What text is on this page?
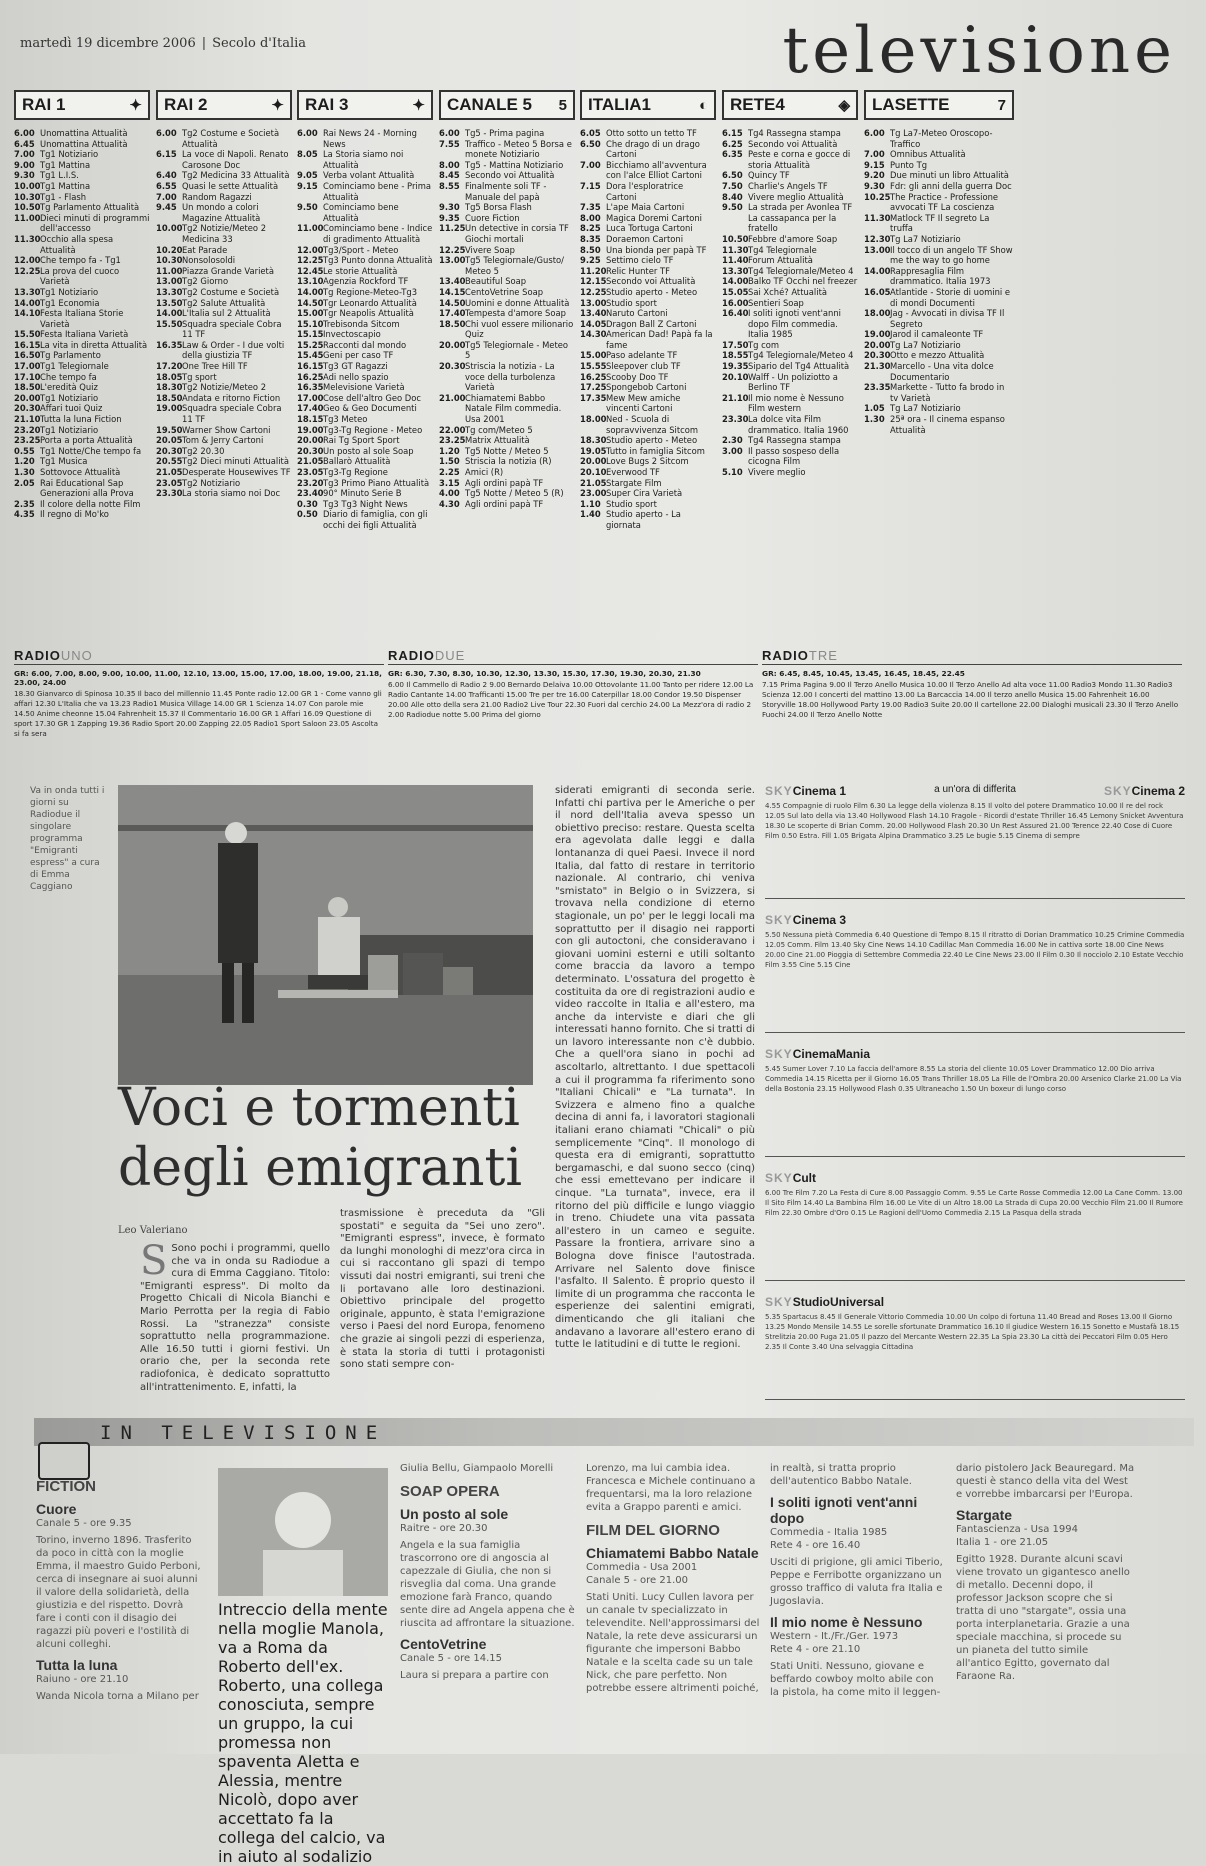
martedì 19 dicembre 2006 | Secolo d'Italia	televisione
RAI 1	✦
6.00 Unomattina Attualità
6.45 Unomattina Attualità
7.00 Tg1 Notiziario
9.00 Tg1 Mattina
9.30 Tg1 L.I.S.
10.00 Tg1 Mattina
10.30 Tg1 - Flash
10.50 Tg Parlamento Attualità
11.00 Dieci minuti di programmi dell'accesso
11.30 Occhio alla spesa Attualità
12.00 Che tempo fa - Tg1
12.25 La prova del cuoco Varietà
13.30 Tg1 Notiziario
14.00 Tg1 Economia
14.10 Festa Italiana Storie Varietà
15.50 Festa Italiana Varietà
16.15 La vita in diretta Attualità
16.50 Tg Parlamento
17.00 Tg1 Telegiornale
17.10 Che tempo fa
18.50 L'eredità Quiz
20.00 Tg1 Notiziario
20.30 Affari tuoi Quiz
21.10 Tutta la luna Fiction
23.20 Tg1 Notiziario
23.25 Porta a porta Attualità
0.55 Tg1 Notte/Che tempo fa
1.20 Tg1 Musica
1.30 Sottovoce Attualità
2.05 Rai Educational Sap Generazioni alla Prova
2.35 Il colore della notte Film
4.35 Il regno di Mo'ko
RAI 2	✦
6.00 Tg2 Costume e Società Attualità
6.15 La voce di Napoli. Renato Carosone Doc
6.40 Tg2 Medicina 33 Attualità
6.55 Quasi le sette Attualità
7.00 Random Ragazzi
9.45 Un mondo a colori Magazine Attualità
10.00 Tg2 Notizie/Meteo 2 Medicina 33
10.20 Eat Parade
10.30 Nonsolosoldi
11.00 Piazza Grande Varietà
13.00 Tg2 Giorno
13.30 Tg2 Costume e Società
13.50 Tg2 Salute Attualità
14.00 L'Italia sul 2 Attualità
15.50 Squadra speciale Cobra 11 TF
16.35 Law & Order - I due volti della giustizia TF
17.20 One Tree Hill TF
18.05 Tg sport
18.30 Tg2 Notizie/Meteo 2
18.50 Andata e ritorno Fiction
19.00 Squadra speciale Cobra 11 TF
19.50 Warner Show Cartoni
20.05 Tom & Jerry Cartoni
20.30 Tg2 20.30
20.55 Tg2 Dieci minuti Attualità
21.05 Desperate Housewives TF
23.05 Tg2 Notiziario
23.30 La storia siamo noi Doc
RAI 3	✦
6.00 Rai News 24 - Morning News
8.05 La Storia siamo noi Attualità
9.05 Verba volant Attualità
9.15 Cominciamo bene - Prima Attualità
9.50 Cominciamo bene Attualità
11.00 Cominciamo bene - Indice di gradimento Attualità
12.00 Tg3/Sport - Meteo
12.25 Tg3 Punto donna Attualità
12.45 Le storie Attualità
13.10 Agenzia Rockford TF
14.00 Tg Regione-Meteo-Tg3
14.50 Tgr Leonardo Attualità
15.00 Tgr Neapolis Attualità
15.10 Trebisonda Sitcom
15.15 Invectoscapio
15.25 Racconti dal mondo
15.45 Geni per caso TF
16.15 Tg3 GT Ragazzi
16.25 Adi nello spazio
16.35 Melevisione Varietà
17.00 Cose dell'altro Geo Doc
17.40 Geo & Geo Documenti
18.15 Tg3 Meteo
19.00 Tg3-Tg Regione - Meteo
20.00 Rai Tg Sport Sport
20.30 Un posto al sole Soap
21.05 Ballarò Attualità
23.05 Tg3-Tg Regione
23.20 Tg3 Primo Piano Attualità
23.40 90° Minuto Serie B
0.30 Tg3 Tg3 Night News
0.50 Diario di famiglia, con gli occhi dei figli Attualità
CANALE 5 5
6.00 Tg5 - Prima pagina
7.55 Traffico - Meteo 5 Borsa e monete Notiziario
8.00 Tg5 - Mattina Notiziario
8.45 Secondo voi Attualità
8.55 Finalmente soli TF - Manuale del papà
9.30 Tg5 Borsa Flash
9.35 Cuore Fiction
11.25 Un detective in corsia TF Giochi mortali
12.25 Vivere Soap
13.00 Tg5 Telegiornale/Gusto/ Meteo 5
13.40 Beautiful Soap
14.15 CentoVetrine Soap
14.50 Uomini e donne Attualità
17.40 Tempesta d'amore Soap
18.50 Chi vuol essere milionario Quiz
20.00 Tg5 Telegiornale - Meteo 5
20.30 Striscia la notizia - La voce della turbolenza Varietà
21.00 Chiamatemi Babbo Natale Film commedia. Usa 2001
22.00 Tg com/Meteo 5
23.25 Matrix Attualità
1.20 Tg5 Notte / Meteo 5
1.50 Striscia la notizia (R)
2.25 Amici (R)
3.15 Agli ordini papà TF
4.00 Tg5 Notte / Meteo 5 (R)
4.30 Agli ordini papà TF
ITALIA1	◐
6.05 Otto sotto un tetto TF
6.50 Che drago di un drago Cartoni
7.00 Bicchiamo all'avventura con l'alce Elliot Cartoni
7.15 Dora l'esploratrice Cartoni
7.35 L'ape Maia Cartoni
8.00 Magica Doremi Cartoni
8.25 Luca Tortuga Cartoni
8.35 Doraemon Cartoni
8.50 Una bionda per papà TF
9.25 Settimo cielo TF
11.20 Relic Hunter TF
12.15 Secondo voi Attualità
12.25 Studio aperto - Meteo
13.00 Studio sport
13.40 Naruto Cartoni
14.05 Dragon Ball Z Cartoni
14.30 American Dad! Papà fa la fame
15.00 Paso adelante TF
15.55 Sleepover club TF
16.25 Scooby Doo TF
17.25 Spongebob Cartoni
17.35 Mew Mew amiche vincenti Cartoni
18.00 Ned - Scuola di sopravvivenza Sitcom
18.30 Studio aperto - Meteo
19.05 Tutto in famiglia Sitcom
20.00 Love Bugs 2 Sitcom
20.10 Everwood TF
21.05 Stargate Film
23.00 Super Cira Varietà
1.10 Studio sport
1.40 Studio aperto - La giornata
RETE4	◈
6.15 Tg4 Rassegna stampa
6.25 Secondo voi Attualità
6.35 Peste e corna e gocce di storia Attualità
6.50 Quincy TF
7.50 Charlie's Angels TF
8.40 Vivere meglio Attualità
9.50 La strada per Avonlea TF La cassapanca per la fratello
10.50 Febbre d'amore Soap
11.30 Tg4 Telegiornale
11.40 Forum Attualità
13.30 Tg4 Telegiornale/Meteo 4
14.00 Balko TF Occhi nel freezer
15.05 Sai Xché? Attualità
16.00 Sentieri Soap
16.40 I soliti ignoti vent'anni dopo Film commedia. Italia 1985
17.50 Tg com
18.55 Tg4 Telegiornale/Meteo 4
19.35 Sipario del Tg4 Attualità
20.10 Walff - Un poliziotto a Berlino TF
21.10 Il mio nome è Nessuno Film western
23.30 La dolce vita Film drammatico. Italia 1960
2.30 Tg4 Rassegna stampa
3.00 Il passo sospeso della cicogna Film
5.10 Vivere meglio
LASETTE	7
6.00 Tg La7-Meteo Oroscopo-Traffico
7.00 Omnibus Attualità
9.15 Punto Tg
9.20 Due minuti un libro Attualità
9.30 Fdr: gli anni della guerra Doc
10.25 The Practice - Professione avvocati TF La coscienza
11.30 Matlock TF Il segreto La truffa
12.30 Tg La7 Notiziario
13.00 Il tocco di un angelo TF Show me the way to go home
14.00 Rappresaglia Film drammatico. Italia 1973
16.05 Atlantide - Storie di uomini e di mondi Documenti
18.00 Jag - Avvocati in divisa TF Il Segreto
19.00 Jarod il camaleonte TF
20.00 Tg La7 Notiziario
20.30 Otto e mezzo Attualità
21.30 Marcello - Una vita dolce Documentario
23.35 Markette - Tutto fa brodo in tv Varietà
1.05 Tg La7 Notiziario
1.30 25ª ora - Il cinema espanso Attualità
RADIOUNO
GR: 6.00, 7.00, 8.00, 9.00, 10.00, 11.00, 12.10, 13.00, 15.00, 17.00, 18.00, 19.00, 21.18, 23.00, 24.00
18.30 Gianvarco di Spinosa 10.35 Il baco del millennio 11.45 Ponte radio 12.00 GR 1 - Come vanno gli affari 12.30 L'Italia che va 13.23 Radio1 Musica Village 14.00 GR 1 Scienza 14.07 Con parole mie 14.50 Anime cheonne 15.04 Fahrenheit 15.37 Il Commentario 16.00 GR 1 Affari 16.09 Questione di sport 17.30 GR 1 Zapping 19.36 Radio Sport 20.00 Zapping 22.05 Radio1 Sport Saloon 23.05 Ascolta si fa sera
RADIODUE
GR: 6.30, 7.30, 8.30, 10.30, 12.30, 13.30, 15.30, 17.30, 19.30, 20.30, 21.30
6.00 Il Cammello di Radio 2 9.00 Bernardo Delaiva 10.00 Ottovolante 11.00 Tanto per ridere 12.00 La Radio Cantante 14.00 Trafficanti 15.00 Tre per tre 16.00 Caterpillar 18.00 Condor 19.50 Dispenser 20.00 Alle otto della sera 21.00 Radio2 Live Tour 22.30 Fuori dal cerchio 24.00 La Mezz'ora di radio 2 2.00 Radiodue notte 5.00 Prima del giorno
RADIOTRE
GR: 6.45, 8.45, 10.45, 13.45, 16.45, 18.45, 22.45
7.15 Prima Pagina 9.00 Il Terzo Anello Musica 10.00 Il Terzo Anello Ad alta voce 11.00 Radio3 Mondo 11.30 Radio3 Scienza 12.00 I concerti del mattino 13.00 La Barcaccia 14.00 Il terzo anello Musica 15.00 Fahrenheit 16.00 Storyville 18.00 Hollywood Party 19.00 Radio3 Suite 20.00 Il cartellone 22.00 Dialoghi musicali 23.30 Il Terzo Anello Fuochi 24.00 Il Terzo Anello Notte
Va in onda tutti i giorni su Radiodue il singolare programma "Emigranti espress" a cura di Emma Caggiano
Voci e tormenti degli emigranti
Leo Valeriano
S Sono pochi i programmi, quello che va in onda su Radiodue a cura di Emma Caggiano. Titolo: "Emigranti espress". Di molto da Progetto Chicali di Nicola Bianchi e Mario Perrotta per la regia di Fabio Rossi. La "stranezza" consiste soprattutto nella programmazione. Alle 16.50 tutti i giorni festivi. Un orario che, per la seconda rete radiofonica, è dedicato soprattutto all'intrattenimento. E, infatti, la
trasmissione è preceduta da "Gli spostati" e seguita da "Sei uno zero". "Emigranti espress", invece, è formato da lunghi monologhi di mezz'ora circa in cui si raccontano gli spazi di tempo vissuti dai nostri emigranti, sui treni che li portavano alle loro destinazioni. Obiettivo principale del progetto originale, appunto, è stata l'emigrazione verso i Paesi del nord Europa, fenomeno che grazie ai singoli pezzi di esperienza, è stata la storia di tutti i protagonisti sono stati sempre con-
siderati emigranti di seconda serie. Infatti chi partiva per le Americhe o per il nord dell'Italia aveva spesso un obiettivo preciso: restare. Questa scelta era agevolata dalle leggi e dalla lontananza di quei Paesi. Invece il nord Italia, dal fatto di restare in territorio nazionale. Al contrario, chi veniva "smistato" in Belgio o in Svizzera, si trovava nella condizione di eterno stagionale, un po' per le leggi locali ma soprattutto per il disagio nei rapporti con gli autoctoni, che consideravano i giovani uomini esterni e utili soltanto come braccia da lavoro a tempo determinato. L'ossatura del progetto è costituita da ore di registrazioni audio e video raccolte in Italia e all'estero, ma anche da interviste e diari che gli interessati hanno fornito. Che si tratti di un lavoro interessante non c'è dubbio. Che a quell'ora siano in pochi ad ascoltarlo, altrettanto. I due spettacoli a cui il programma fa riferimento sono "Italiani Chicali" e "La turnata". In Svizzera e almeno fino a qualche decina di anni fa, i lavoratori stagionali italiani erano chiamati "Chicali" o più semplicemente "Cinq". Il monologo di questa era di emigranti, soprattutto bergamaschi, e dal suono secco (cinq) che essi emettevano per indicare il cinque. "La turnata", invece, era il ritorno del più difficile e lungo viaggio in treno. Chiudete una vita passata all'estero in un cameo e seguite. Passare la frontiera, arrivare sino a Bologna dove finisce l'autostrada. Arrivare nel Salento dove finisce l'asfalto. Il Salento. È proprio questo il limite di un programma che racconta le esperienze dei salentini emigrati, dimenticando che gli italiani che andavano a lavorare all'estero erano di tutte le latitudini e di tutte le regioni.
SKYCinema 1	a un'ora di differita	SKYCinema 2
4.55 Compagnie di ruolo Film 6.30 La legge della violenza 8.15 Il volto del potere Drammatico 10.00 Il re del rock 12.05 Sul lato della via 13.40 Hollywood Flash 14.10 Fragole - Ricordi d'estate Thriller 16.45 Lemony Snicket Avventura 18.30 Le scoperte di Brian Comm. 20.00 Hollywood Flash 20.30 Un Rest Assured 21.00 Terence 22.40 Cose di Cuore Film 0.50 Estra. Fill 1.05 Brigata Alpina Drammatico 3.25 Le bugie 5.15 Cinema di sempre
SKYCinema 3
5.50 Nessuna pietà Commedia 6.40 Questione di Tempo 8.15 Il ritratto di Dorian Drammatico 10.25 Crimine Commedia 12.05 Comm. Film 13.40 Sky Cine News 14.10 Cadillac Man Commedia 16.00 Ne in cattiva sorte 18.00 Cine News 20.00 Cine 21.00 Pioggia di Settembre Commedia 22.40 Le Cine News 23.00 Il Film 0.30 Il nocciolo 2.10 Estate Vecchio Film 3.55 Cine 5.15 Cine
SKYCinemaMania
5.45 Sumer Lover 7.10 La faccia dell'amore 8.55 La storia del cliente 10.05 Lover Drammatico 12.00 Dio arriva Commedia 14.15 Ricetta per il Giorno 16.05 Trans Thriller 18.05 La Fille de l'Ombra 20.00 Arsenico Clarke 21.00 La Via della Bostonia 23.15 Hollywood Flash 0.35 Ultraneacho 1.50 Un boxeur di lungo corso
SKYCult
6.00 Tre Film 7.20 La Festa di Cure 8.00 Passaggio Comm. 9.55 Le Carte Rosse Commedia 12.00 La Cane Comm. 13.00 Il Sito Film 14.40 La Bambina Film 16.00 Le Vite di un Altro 18.00 La Strada di Cupa 20.00 Vecchio Film 21.00 Il Rumore Film 22.30 Ombre d'Oro 0.15 Le Ragioni dell'Uomo Commedia 2.15 La Pasqua della strada
SKYStudioUniversal
5.35 Spartacus 8.45 Il Generale Vittorio Commedia 10.00 Un colpo di fortuna 11.40 Bread and Roses 13.00 Il Giorno 13.25 Mondo Mensile 14.55 Le sorelle sfortunate Drammatico 16.10 Il giudice Western 16.15 Sonetto e Mustafà 18.15 Strelitzia 20.00 Fuga 21.05 Il pazzo del Mercante Western 22.35 La Spia 23.30 La città dei Peccatori Film 0.05 Hero 2.35 Il Conte 3.40 Una selvaggia Cittadina
IN TELEVISIONE
FICTION
Cuore
Canale 5 - ore 9.35
Torino, inverno 1896. Trasferito da poco in città con la moglie Emma, il maestro Guido Perboni, cerca di insegnare ai suoi alunni il valore della solidarietà, della giustizia e del rispetto. Dovrà fare i conti con il disagio dei ragazzi più poveri e l'ostilità di alcuni colleghi.
Tutta la luna
Raiuno - ore 21.10
Wanda Nicola torna a Milano per
Intreccio della mente nella moglie Manola, va a Roma da Roberto dell'ex. Roberto, una collega conosciuta, sempre un gruppo, la cui promessa non spaventa Aletta e Alessia, mentre Nicolò, dopo aver accettato fa la collega del calcio, va in aiuto al sodalizio
Giulia Bellu, Giampaolo Morelli
SOAP OPERA
Un posto al sole
Raitre - ore 20.30
Angela e la sua famiglia trascorrono ore di angoscia al capezzale di Giulia, che non si risveglia dal coma. Una grande emozione farà Franco, quando sente dire ad Angela appena che è riuscita ad affrontare la situazione.
CentoVetrine
Canale 5 - ore 14.15
Laura si prepara a partire con
Lorenzo, ma lui cambia idea. Francesca e Michele continuano a frequentarsi, ma la loro relazione evita a Grappo parenti e amici.
FILM DEL GIORNO
Chiamatemi Babbo Natale
Commedia - Usa 2001
Canale 5 - ore 21.00
Stati Uniti. Lucy Cullen lavora per un canale tv specializzato in televendite. Nell'approssimarsi del Natale, la rete deve assicurarsi un figurante che impersoni Babbo Natale e la scelta cade su un tale Nick, che pare perfetto. Non potrebbe essere altrimenti poiché,
in realtà, si tratta proprio dell'autentico Babbo Natale.
I soliti ignoti vent'anni dopo
Commedia - Italia 1985
Rete 4 - ore 16.40
Usciti di prigione, gli amici Tiberio, Peppe e Ferribotte organizzano un grosso traffico di valuta fra Italia e Jugoslavia.
Il mio nome è Nessuno
Western - It./Fr./Ger. 1973
Rete 4 - ore 21.10
Stati Uniti. Nessuno, giovane e beffardo cowboy molto abile con la pistola, ha come mito il leggen-
dario pistolero Jack Beauregard. Ma questi è stanco della vita del West e vorrebbe imbarcarsi per l'Europa.
Stargate
Fantascienza - Usa 1994
Italia 1 - ore 21.05
Egitto 1928. Durante alcuni scavi viene trovato un gigantesco anello di metallo. Decenni dopo, il professor Jackson scopre che si tratta di uno "stargate", ossia una porta interplanetaria. Grazie a una speciale macchina, si procede su un pianeta del tutto simile all'antico Egitto, governato dal Faraone Ra.
